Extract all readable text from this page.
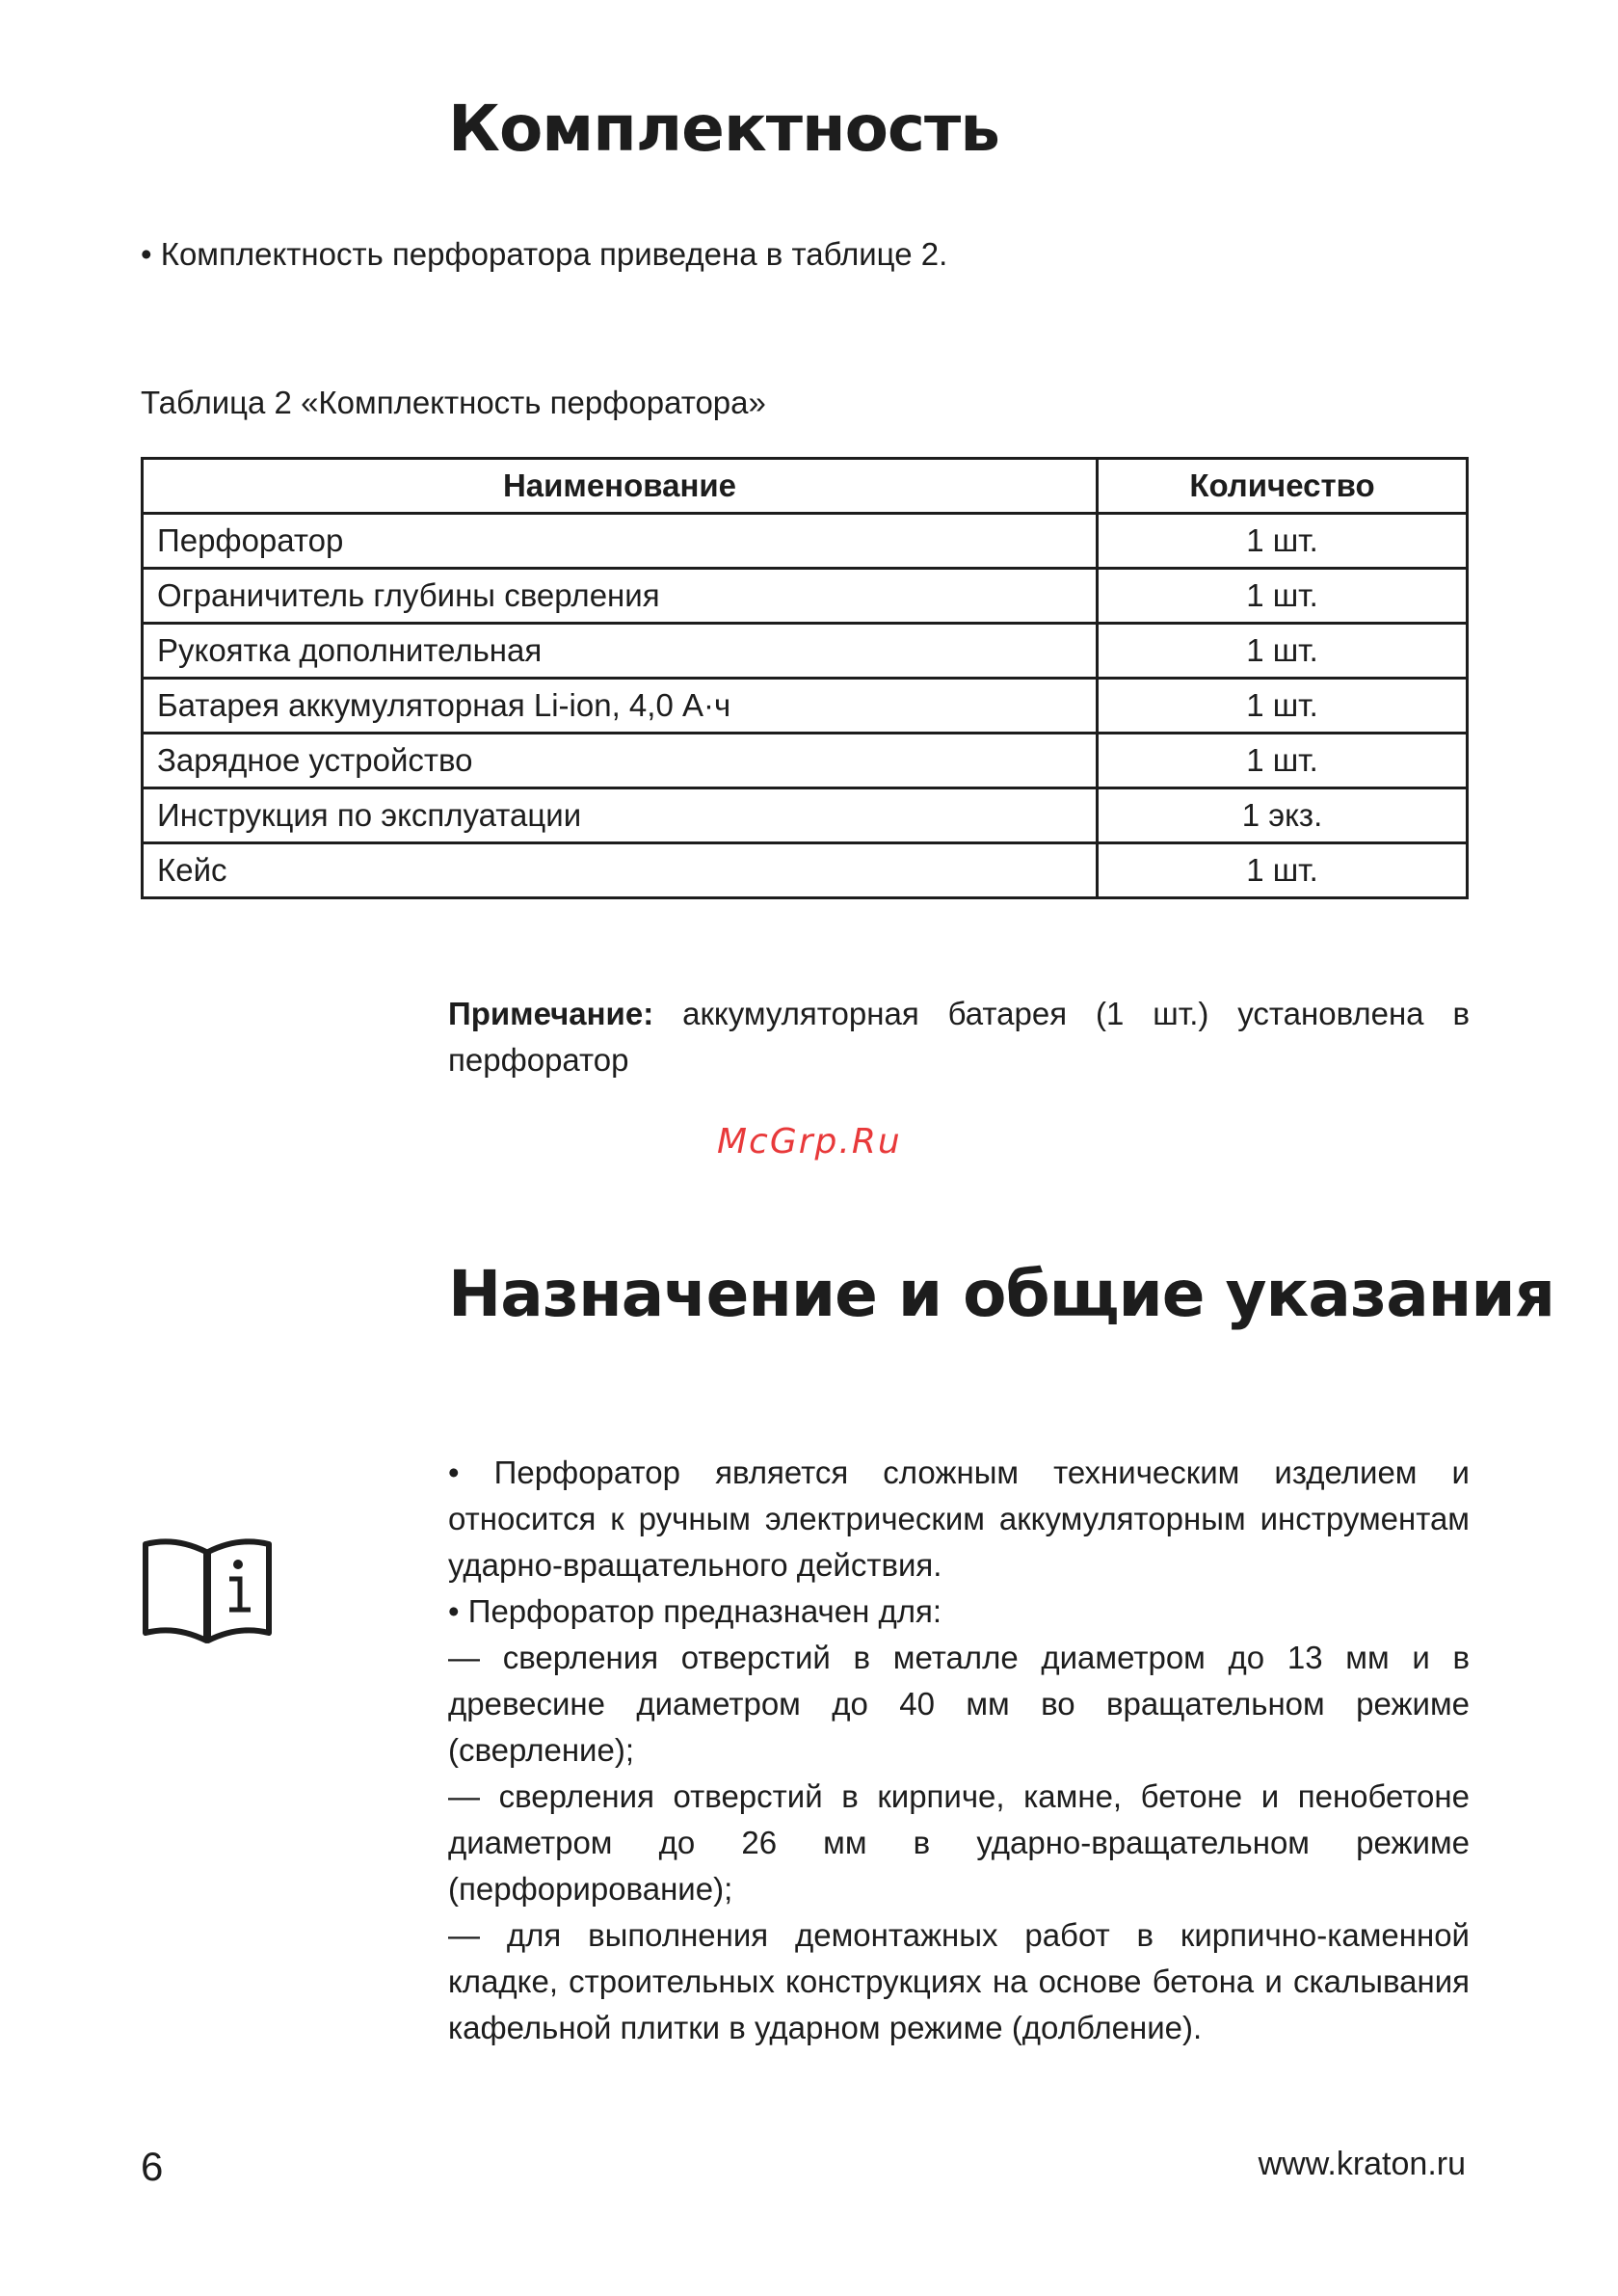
Комплектность

• Комплектность перфоратора приведена в таблице 2.

Таблица 2 «Комплектность перфоратора»

Наименование	Количество
Перфоратор	1 шт.
Ограничитель глубины сверления	1 шт.
Рукоятка дополнительная	1 шт.
Батарея аккумуляторная Li-ion, 4,0 А·ч	1 шт.
Зарядное устройство	1 шт.
Инструкция по эксплуатации	1 экз.
Кейс	1 шт.

Примечание: аккумуляторная батарея (1 шт.) установлена в перфоратор

McGrp.Ru
Назначение и общие указания

• Перфоратор является сложным техническим изделием и относится к ручным электрическим аккумуляторным инструментам ударно-вращательного действия.

• Перфоратор предназначен для:

— сверления отверстий в металле диаметром до 13 мм и в древесине диаметром до 40 мм во вращательном режиме (сверление);

— сверления отверстий в кирпиче, камне, бетоне и пенобетоне диаметром до 26 мм в ударно-вращательном режиме (перфорирование);

— для выполнения демонтажных работ в кирпично-каменной кладке, строительных конструкциях на основе бетона и скалывания кафельной плитки в ударном режиме (долбление).

6	www.kraton.ru
